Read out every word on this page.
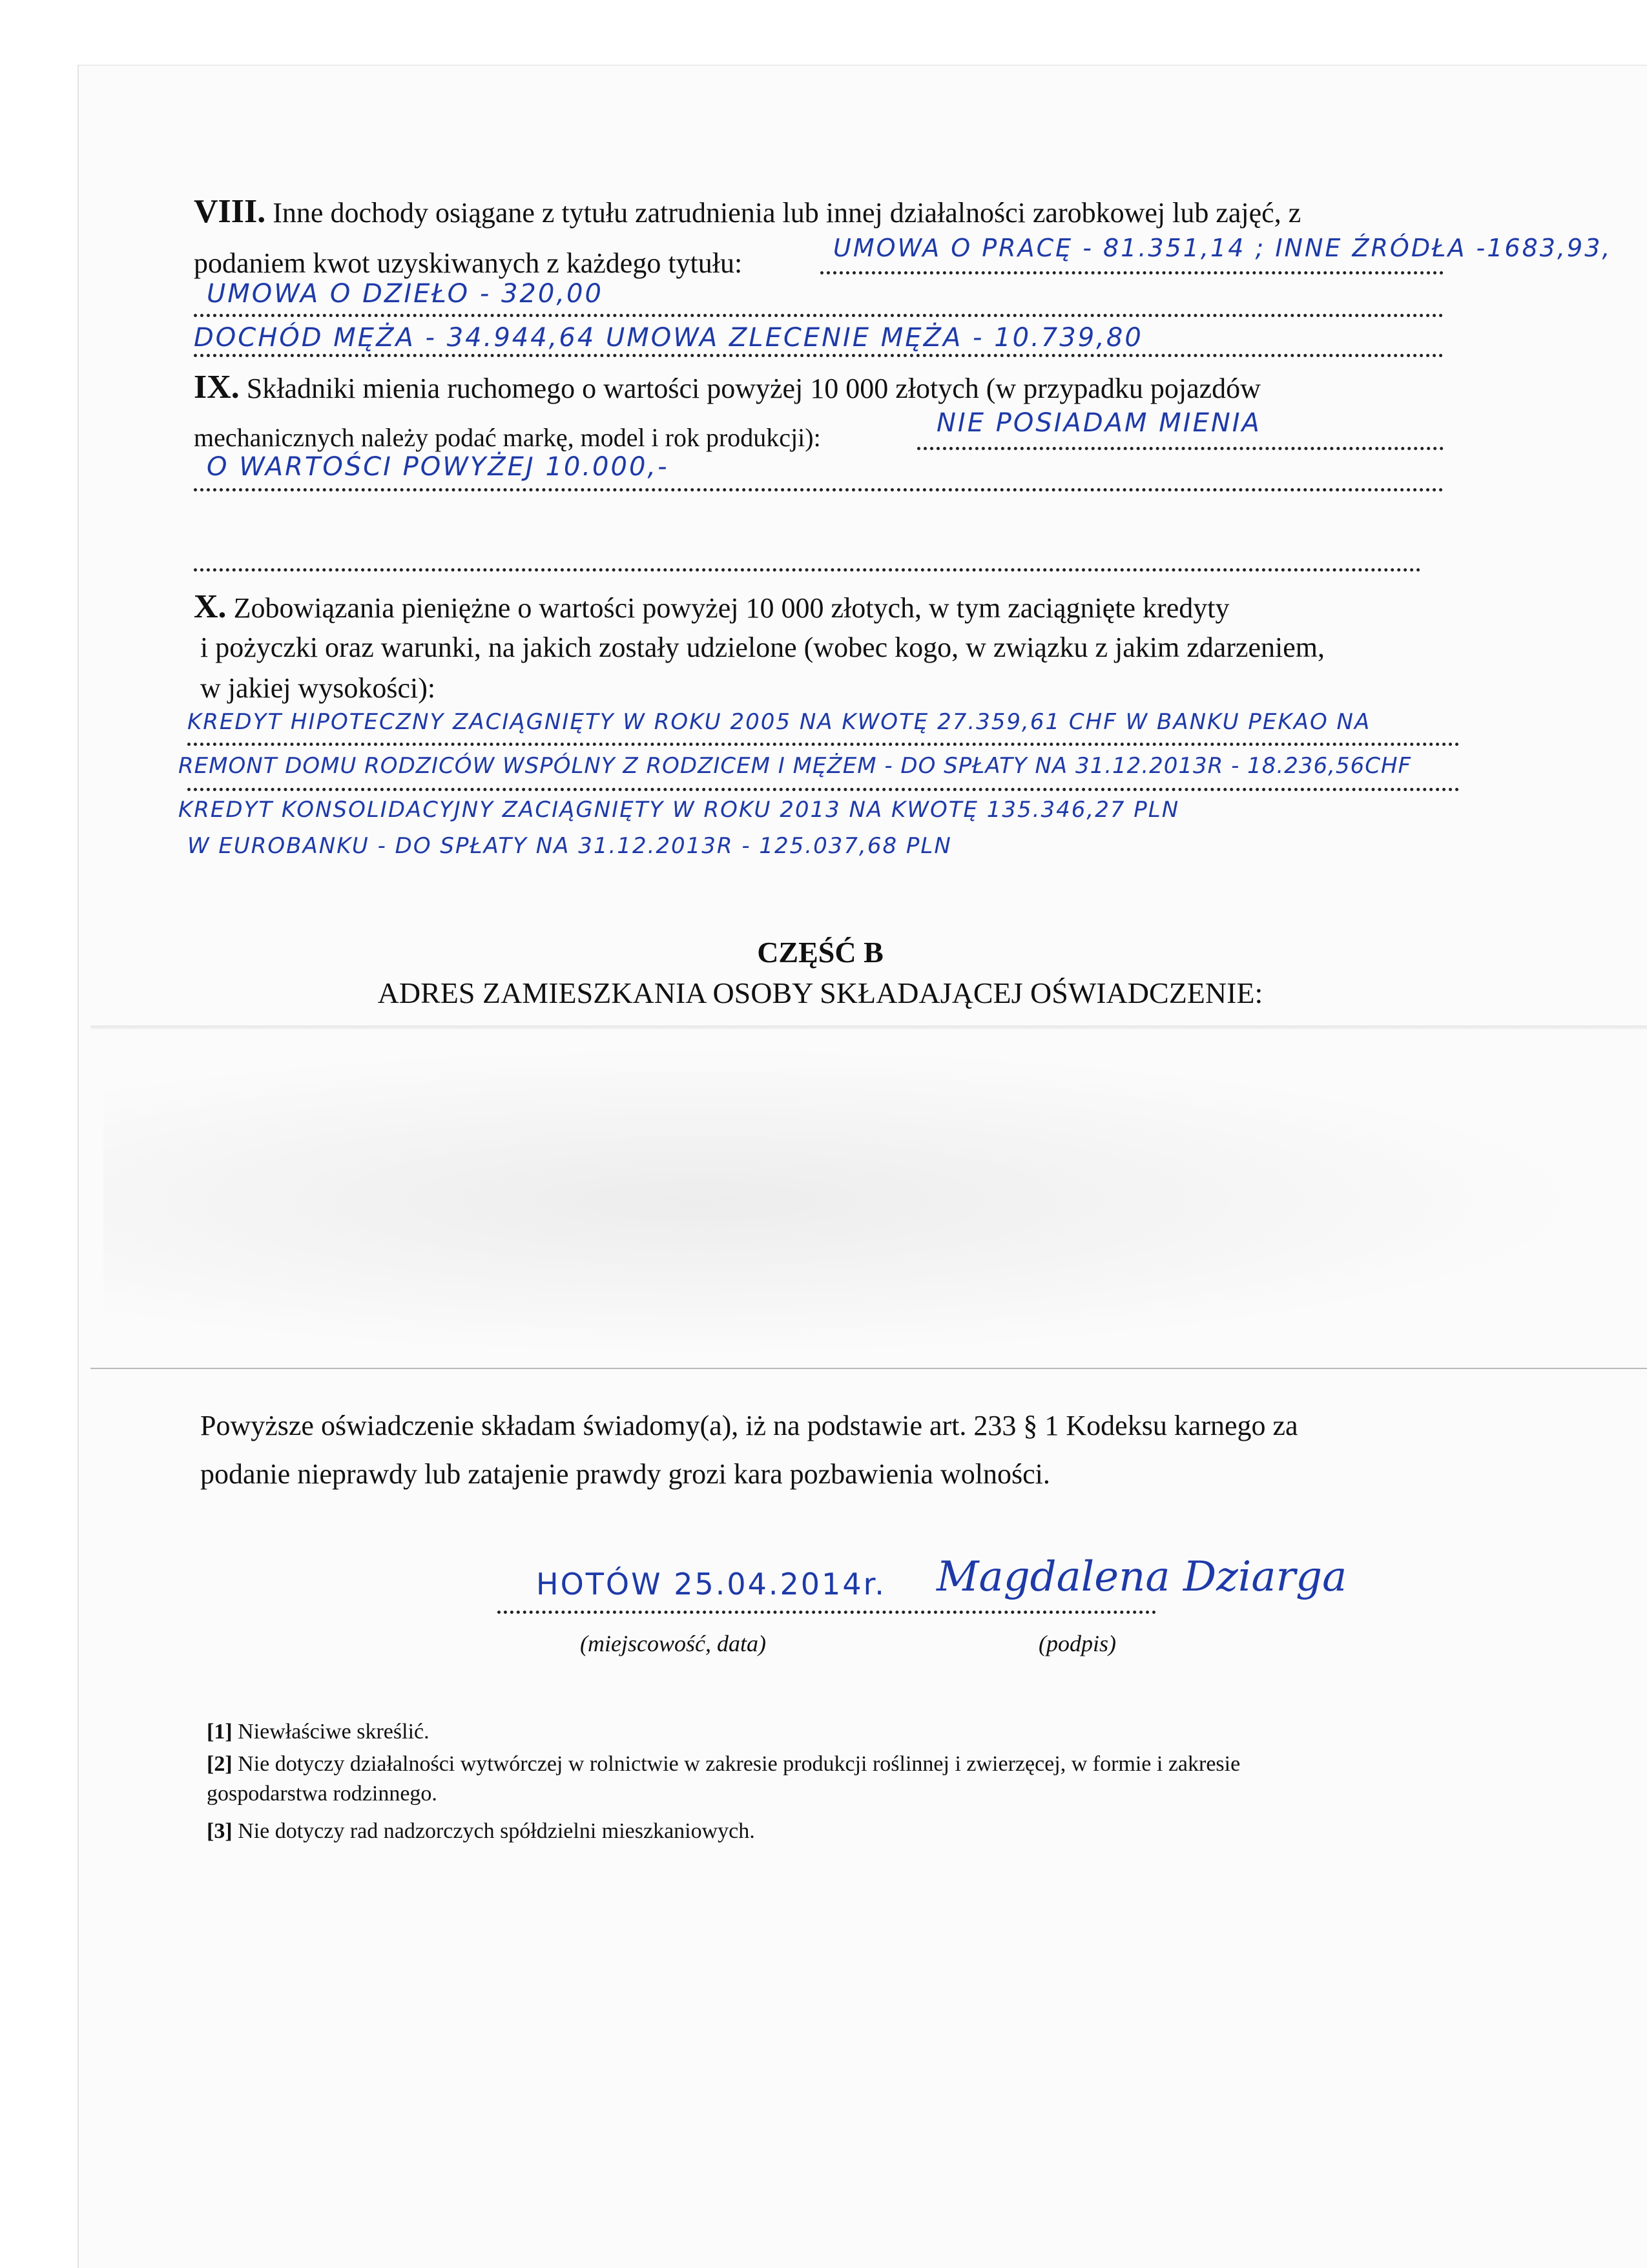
VIII. Inne dochody osiągane z tytułu zatrudnienia lub innej działalności zarobkowej lub zajęć, z
podaniem kwot uzyskiwanych z każdego tytułu:	UMOWA O PRACĘ - 81.351,14 ; INNE ŹRÓDŁA -1683,93,
UMOWA O DZIEŁO - 320,00
DOCHÓD MĘŻA - 34.944,64 UMOWA ZLECENIE MĘŻA - 10.739,80
IX. Składniki mienia ruchomego o wartości powyżej 10 000 złotych (w przypadku pojazdów
mechanicznych należy podać markę, model i rok produkcji):	NIE POSIADAM MIENIA
O WARTOŚCI POWYŻEJ 10.000,-
X. Zobowiązania pieniężne o wartości powyżej 10 000 złotych, w tym zaciągnięte kredyty
i pożyczki oraz warunki, na jakich zostały udzielone (wobec kogo, w związku z jakim zdarzeniem,
w jakiej wysokości):
KREDYT HIPOTECZNY ZACIĄGNIĘTY W ROKU 2005 NA KWOTĘ 27.359,61 CHF W BANKU PEKAO NA
REMONT DOMU RODZICÓW WSPÓLNY Z RODZICEM I MĘŻEM - DO SPŁATY NA 31.12.2013R - 18.236,56CHF
KREDYT KONSOLIDACYJNY ZACIĄGNIĘTY W ROKU 2013 NA KWOTĘ 135.346,27 PLN
W EUROBANKU - DO SPŁATY NA 31.12.2013R - 125.037,68 PLN
CZĘŚĆ B
ADRES ZAMIESZKANIA OSOBY SKŁADAJĄCEJ OŚWIADCZENIE:
Powyższe oświadczenie składam świadomy(a), iż na podstawie art. 233 § 1 Kodeksu karnego za
podanie nieprawdy lub zatajenie prawdy grozi kara pozbawienia wolności.
HOTÓW 25.04.2014r. Magdalena Dziarga
(miejscowość, data)	(podpis)
[1] Niewłaściwe skreślić.
[2] Nie dotyczy działalności wytwórczej w rolnictwie w zakresie produkcji roślinnej i zwierzęcej, w formie i zakresie
gospodarstwa rodzinnego.
[3] Nie dotyczy rad nadzorczych spółdzielni mieszkaniowych.
